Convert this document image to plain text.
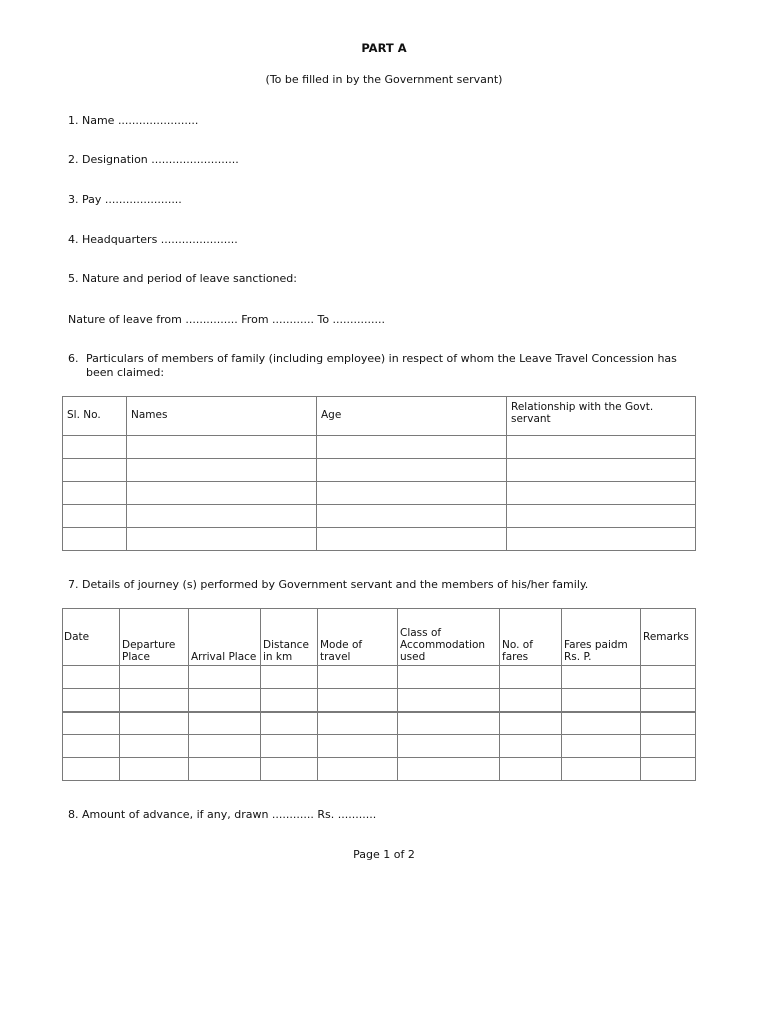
PART A
(To be filled in by the Government servant)
1. Name .......................
2. Designation .........................
3. Pay ......................
4. Headquarters ......................
5. Nature and period of leave sanctioned:
Nature of leave from ............... From ............ To ...............
6. Particulars of members of family (including employee) in respect of whom the Leave Travel Concession has been claimed:
Sl. No.	Names	Age	Relationship with the Govt. servant

7. Details of journey (s) performed by Government servant and the members of his/her family.
Date	Departure Place	Arrival Place	Distance in km	Mode of travel	Class of Accommodation used	No. of fares	Fares paidm Rs. P.	Remarks

8. Amount of advance, if any, drawn ............ Rs. ...........
Page 1 of 2
